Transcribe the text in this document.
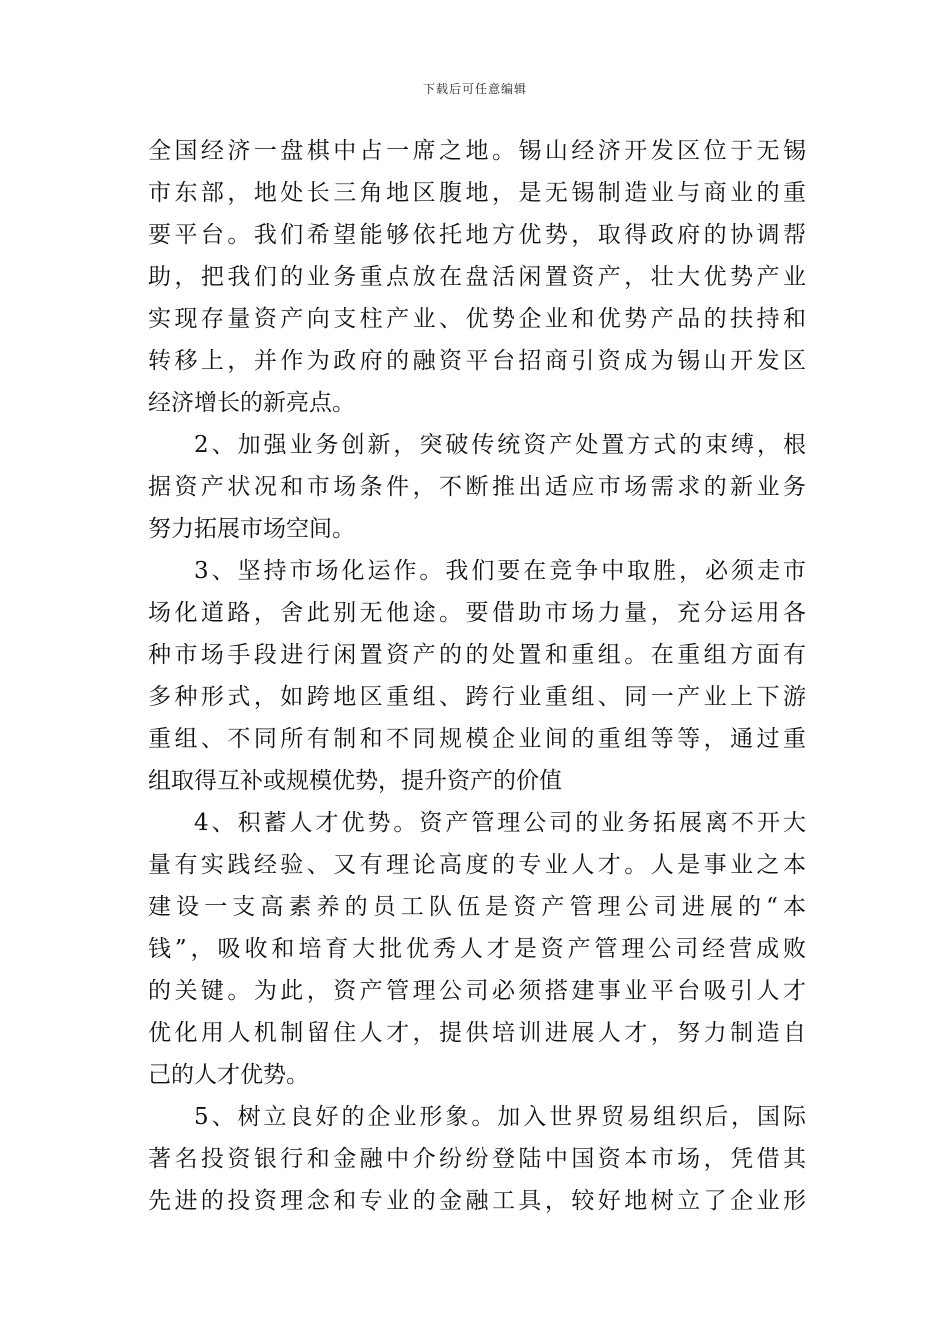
下载后可任意编辑
全国经济一盘棋中占一席之地。锡山经济开发区位于无锡
市东部，地处长三角地区腹地，是无锡制造业与商业的重
要平台。我们希望能够依托地方优势，取得政府的协调帮
助，把我们的业务重点放在盘活闲置资产，壮大优势产业
实现存量资产向支柱产业、优势企业和优势产品的扶持和
转移上，并作为政府的融资平台招商引资成为锡山开发区
经济增长的新亮点。
2、加强业务创新，突破传统资产处置方式的束缚，根
据资产状况和市场条件，不断推出适应市场需求的新业务
努力拓展市场空间。
3、坚持市场化运作。我们要在竞争中取胜，必须走市
场化道路，舍此别无他途。要借助市场力量，充分运用各
种市场手段进行闲置资产的的处置和重组。在重组方面有
多种形式，如跨地区重组、跨行业重组、同一产业上下游
重组、不同所有制和不同规模企业间的重组等等，通过重
组取得互补或规模优势，提升资产的价值
4、积蓄人才优势。资产管理公司的业务拓展离不开大
量有实践经验、又有理论高度的专业人才。人是事业之本
建设一支高素养的员工队伍是资产管理公司进展的“本
钱”，吸收和培育大批优秀人才是资产管理公司经营成败
的关键。为此，资产管理公司必须搭建事业平台吸引人才
优化用人机制留住人才，提供培训进展人才，努力制造自
己的人才优势。
5、树立良好的企业形象。加入世界贸易组织后，国际
著名投资银行和金融中介纷纷登陆中国资本市场，凭借其
先进的投资理念和专业的金融工具，较好地树立了企业形
